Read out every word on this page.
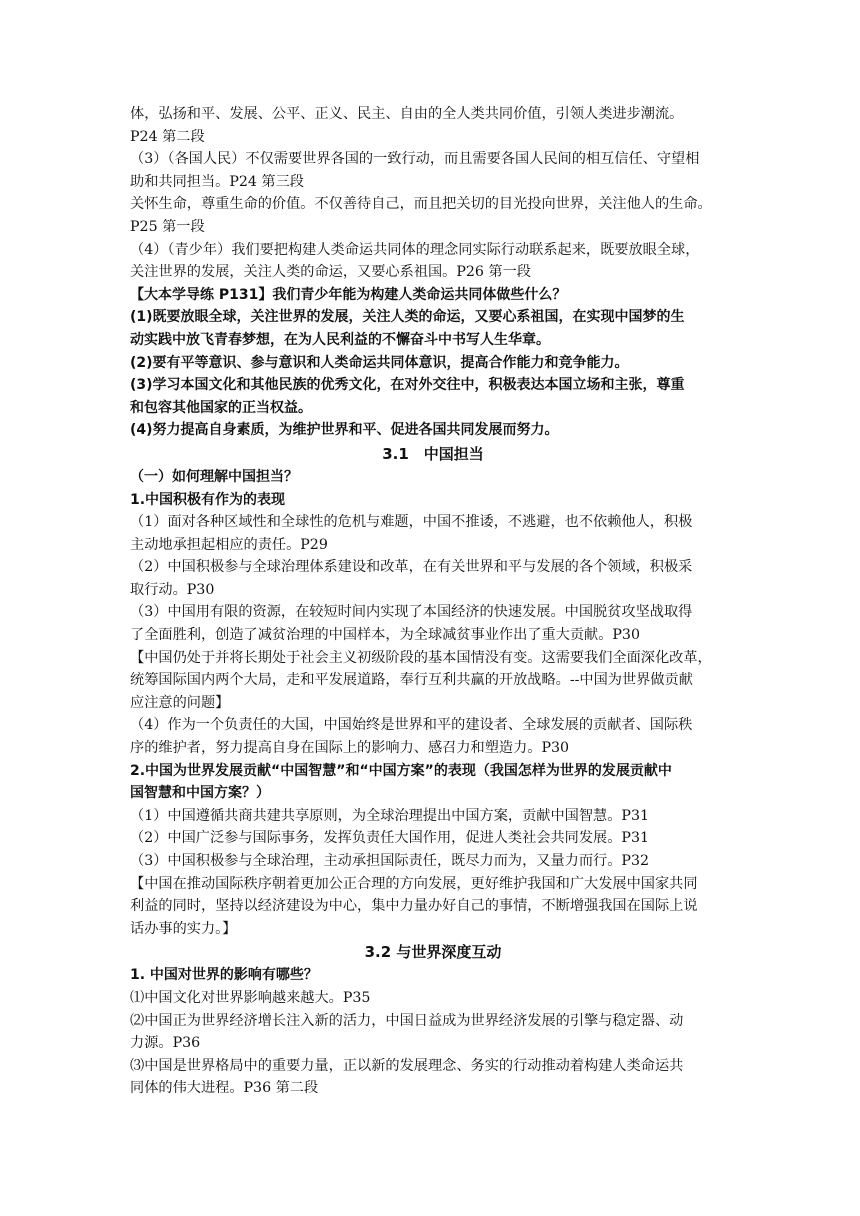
体，弘扬和平、发展、公平、正义、民主、自由的全人类共同价值，引领人类进步潮流。
P24 第二段
（3）（各国人民）不仅需要世界各国的一致行动，而且需要各国人民间的相互信任、守望相
助和共同担当。P24 第三段
关怀生命，尊重生命的价值。不仅善待自己，而且把关切的目光投向世界，关注他人的生命。
P25 第一段
（4）（青少年）我们要把构建人类命运共同体的理念同实际行动联系起来，既要放眼全球，
关注世界的发展，关注人类的命运，又要心系祖国。P26 第一段
【大本学导练 P131】我们青少年能为构建人类命运共同体做些什么？
(1)既要放眼全球，关注世界的发展，关注人类的命运，又要心系祖国，在实现中国梦的生
动实践中放飞青春梦想，在为人民利益的不懈奋斗中书写人生华章。
(2)要有平等意识、参与意识和人类命运共同体意识，提高合作能力和竞争能力。
(3)学习本国文化和其他民族的优秀文化，在对外交往中，积极表达本国立场和主张，尊重
和包容其他国家的正当权益。
(4)努力提高自身素质，为维护世界和平、促进各国共同发展而努力。
3.1　中国担当
（一）如何理解中国担当？
1.中国积极有作为的表现
（1）面对各种区域性和全球性的危机与难题，中国不推诿，不逃避，也不依赖他人，积极
主动地承担起相应的责任。P29
（2）中国积极参与全球治理体系建设和改革，在有关世界和平与发展的各个领域，积极采
取行动。P30
（3）中国用有限的资源，在较短时间内实现了本国经济的快速发展。中国脱贫攻坚战取得
了全面胜利，创造了减贫治理的中国样本，为全球减贫事业作出了重大贡献。P30
【中国仍处于并将长期处于社会主义初级阶段的基本国情没有变。这需要我们全面深化改革，
统筹国际国内两个大局，走和平发展道路，奉行互利共赢的开放战略。--中国为世界做贡献
应注意的问题】
（4）作为一个负责任的大国，中国始终是世界和平的建设者、全球发展的贡献者、国际秩
序的维护者，努力提高自身在国际上的影响力、感召力和塑造力。P30
2.中国为世界发展贡献“中国智慧”和“中国方案”的表现（我国怎样为世界的发展贡献中
国智慧和中国方案？）
（1）中国遵循共商共建共享原则，为全球治理提出中国方案，贡献中国智慧。P31
（2）中国广泛参与国际事务，发挥负责任大国作用，促进人类社会共同发展。P31
（3）中国积极参与全球治理，主动承担国际责任，既尽力而为，又量力而行。P32
【中国在推动国际秩序朝着更加公正合理的方向发展，更好维护我国和广大发展中国家共同
利益的同时，坚持以经济建设为中心，集中力量办好自己的事情，不断增强我国在国际上说
话办事的实力。】
3.2 与世界深度互动
1. 中国对世界的影响有哪些？
⑴中国文化对世界影响越来越大。P35
⑵中国正为世界经济增长注入新的活力，中国日益成为世界经济发展的引擎与稳定器、动
力源。P36
⑶中国是世界格局中的重要力量，正以新的发展理念、务实的行动推动着构建人类命运共
同体的伟大进程。P36 第二段
